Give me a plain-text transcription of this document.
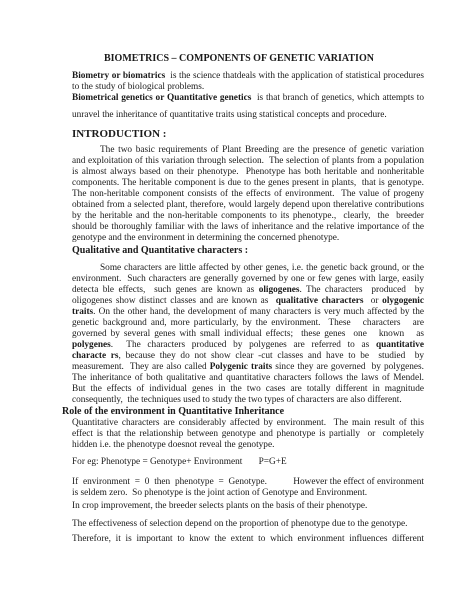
BIOMETRICS – COMPONENTS OF GENETIC VARIATION
Biometry or biomatrics  is the science thatdeals with the application of statistical procedures
to the study of biological problems.
Biometrical genetics or Quantitative genetics  is that branch of genetics, which attempts to
unravel the inheritance of quantitative traits using statistical concepts and procedure.
INTRODUCTION :
The two basic requirements of Plant Breeding are the presence of genetic variation
and exploitation of this variation through selection.  The selection of plants from a population
is almost always based on their phenotype.  Phenotype has both heritable and nonheritable
components. The heritable component is due to the genes present in plants,  that is genotype.
The non-heritable component consists of the effects of environment.  The value of progeny
obtained from a selected plant, therefore, would largely depend upon therelative contributions
by the heritable and the non-heritable components to its phenotype.,  clearly,  the  breeder
should be thoroughly familiar with the laws of inheritance and the relative importance of the
genotype and the environment in determining the concerned phenotype.
Qualitative and Quantitative characters :
Some characters are little affected by other genes, i.e. the genetic back ground, or the
environment.  Such characters are generally governed by one or few genes with large, easily
detecta ble effects,  such genes are known as oligogenes. The characters  produced  by
oligogenes show distinct classes and are known as  qualitative characters  or olygogenic
traits. On the other hand, the development of many characters is very much affected by the
genetic background and, more particularly, by the environment.  These   characters   are
governed by several genes with small individual effects;  these genes  one   known   as
polygenes.  The characters produced by polygenes are referred to as quantitative
characte rs, because they do not show clear -cut classes and have to be  studied  by
measurement.  They are also called Polygenic traits since they are governed  by polygenes.
The inheritance of both qualitative and quantitative characters follows the laws of Mendel.
But the effects of individual genes in the two cases are totally different in magnitude
consequently,  the techniques used to study the two types of characters are also different.
Role of the environment in Quantitative Inheritance
Quantitative characters are considerably affected by environment.  The main result of this
effect is that the relationship between genotype and phenotype is partially  or  completely
hidden i.e. the phenotype doesnot reveal the genotype.
For eg: Phenotype = Genotype+ Environment       P=G+E
If  environment  =  0  then  phenotype  =  Genotype.           However the effect of environment
is seldem zero.  So phenotype is the joint action of Genotype and Environment.
In crop improvement, the breeder selects plants on the basis of their phenotype.
The effectiveness of selection depend on the proportion of phenotype due to the genotype.
Therefore,  it  is  important  to  know  the  extent  to  which  environment  influences  different
